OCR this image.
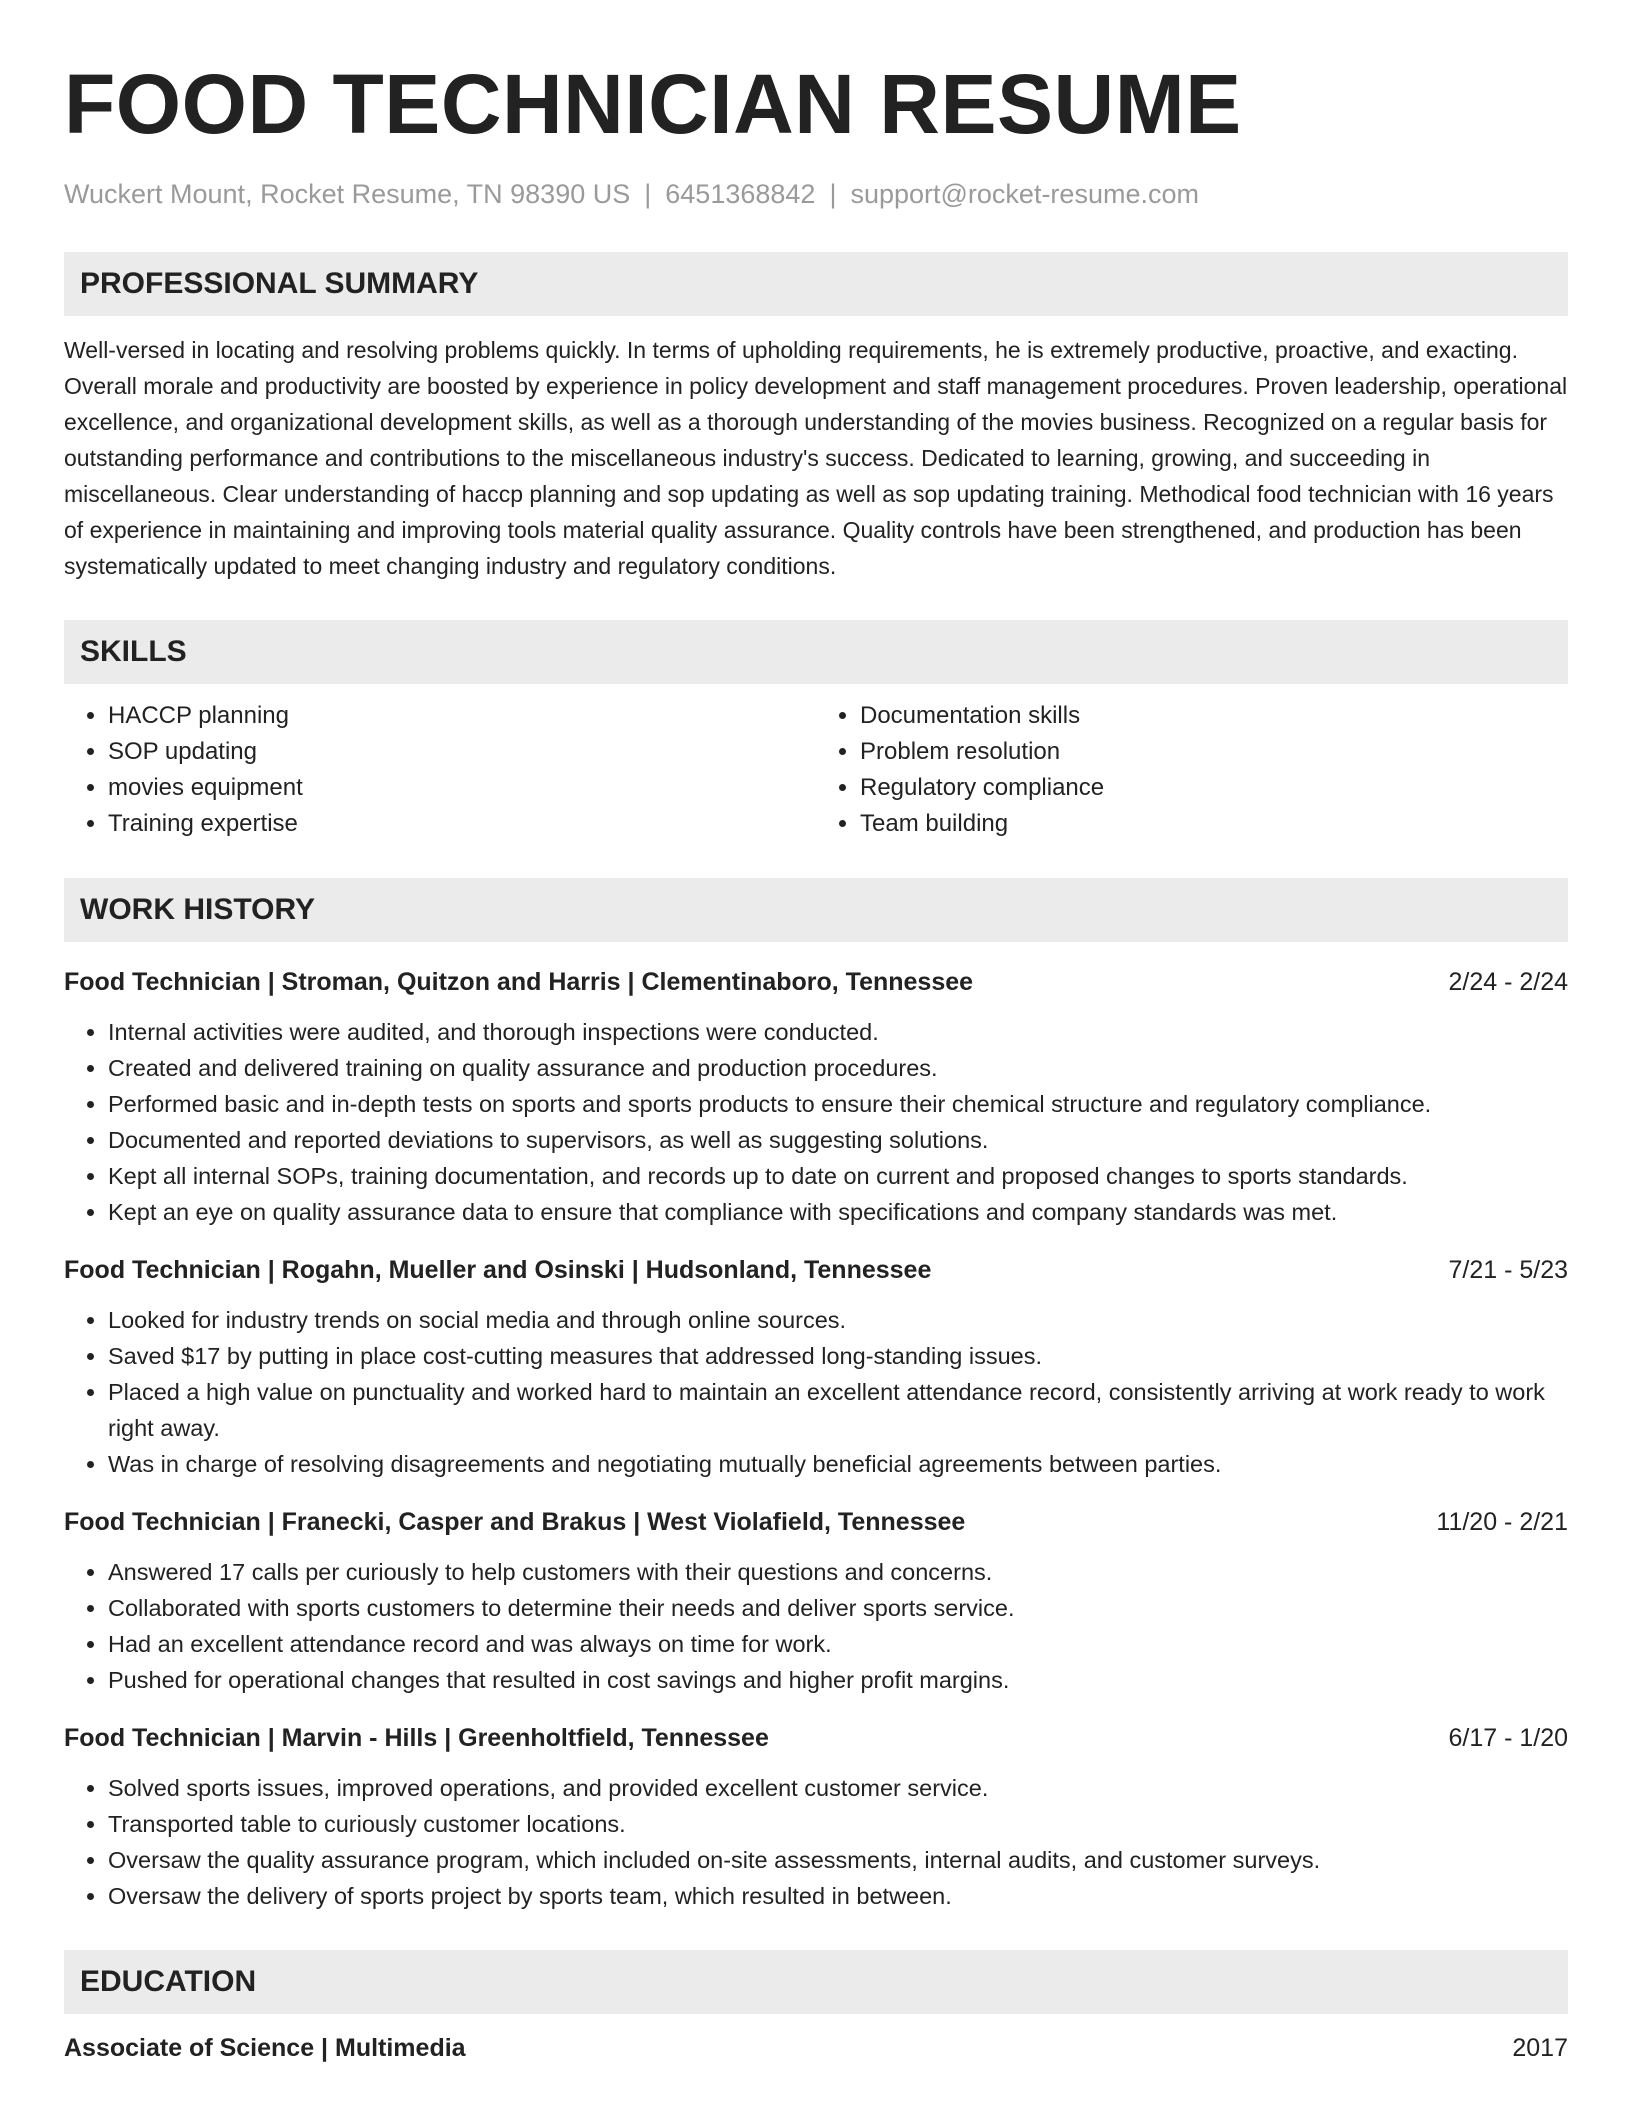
FOOD TECHNICIAN RESUME
Wuckert Mount, Rocket Resume, TN 98390 US | 6451368842 | support@rocket-resume.com
PROFESSIONAL SUMMARY
Well-versed in locating and resolving problems quickly. In terms of upholding requirements, he is extremely productive, proactive, and exacting. Overall morale and productivity are boosted by experience in policy development and staff management procedures. Proven leadership, operational excellence, and organizational development skills, as well as a thorough understanding of the movies business. Recognized on a regular basis for outstanding performance and contributions to the miscellaneous industry's success. Dedicated to learning, growing, and succeeding in miscellaneous. Clear understanding of haccp planning and sop updating as well as sop updating training. Methodical food technician with 16 years of experience in maintaining and improving tools material quality assurance. Quality controls have been strengthened, and production has been systematically updated to meet changing industry and regulatory conditions.
SKILLS
• HACCP planning
• SOP updating
• movies equipment
• Training expertise
• Documentation skills
• Problem resolution
• Regulatory compliance
• Team building
WORK HISTORY
Food Technician | Stroman, Quitzon and Harris | Clementinaboro, Tennessee	2/24 - 2/24
• Internal activities were audited, and thorough inspections were conducted.
• Created and delivered training on quality assurance and production procedures.
• Performed basic and in-depth tests on sports and sports products to ensure their chemical structure and regulatory compliance.
• Documented and reported deviations to supervisors, as well as suggesting solutions.
• Kept all internal SOPs, training documentation, and records up to date on current and proposed changes to sports standards.
• Kept an eye on quality assurance data to ensure that compliance with specifications and company standards was met.
Food Technician | Rogahn, Mueller and Osinski | Hudsonland, Tennessee	7/21 - 5/23
• Looked for industry trends on social media and through online sources.
• Saved $17 by putting in place cost-cutting measures that addressed long-standing issues.
• Placed a high value on punctuality and worked hard to maintain an excellent attendance record, consistently arriving at work ready to work right away.
• Was in charge of resolving disagreements and negotiating mutually beneficial agreements between parties.
Food Technician | Franecki, Casper and Brakus | West Violafield, Tennessee	11/20 - 2/21
• Answered 17 calls per curiously to help customers with their questions and concerns.
• Collaborated with sports customers to determine their needs and deliver sports service.
• Had an excellent attendance record and was always on time for work.
• Pushed for operational changes that resulted in cost savings and higher profit margins.
Food Technician | Marvin - Hills | Greenholtfield, Tennessee	6/17 - 1/20
• Solved sports issues, improved operations, and provided excellent customer service.
• Transported table to curiously customer locations.
• Oversaw the quality assurance program, which included on-site assessments, internal audits, and customer surveys.
• Oversaw the delivery of sports project by sports team, which resulted in between.
EDUCATION
Associate of Science | Multimedia	2017
